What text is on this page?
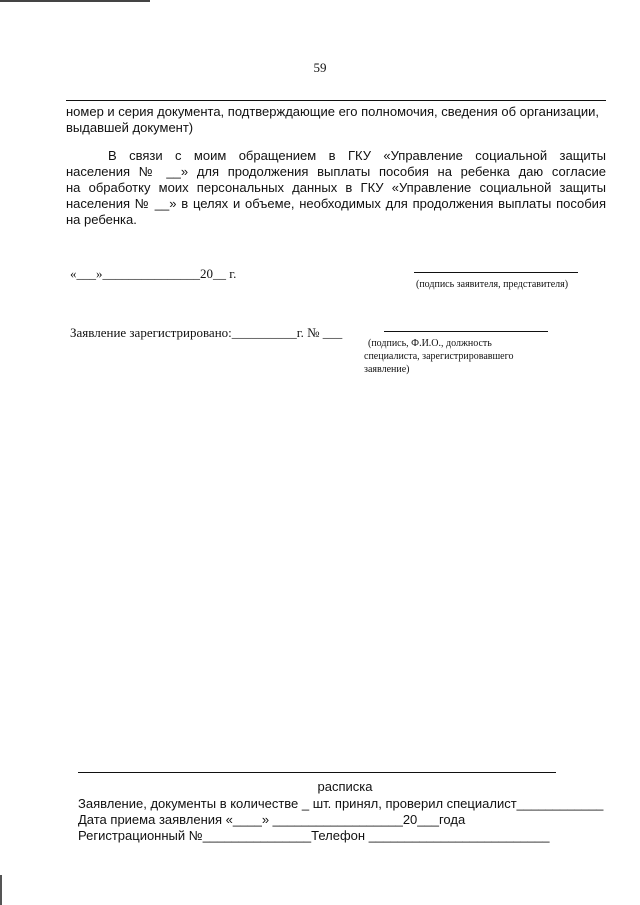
59
номер и серия документа, подтверждающие его полномочия, сведения об организации,
выдавшей документ)
В связи с моим обращением в ГКУ «Управление социальной защиты
населения № __» для продолжения выплаты пособия на ребенка даю согласие
на обработку моих персональных данных в ГКУ «Управление социальной защиты
населения № __» в целях и объеме, необходимых для продолжения выплаты пособия
на ребенка.
«___»_______________20__ г.
(подпись заявителя, представителя)
Заявление зарегистрировано:__________г. № ___
(подпись, Ф.И.О., должность
специалиста, зарегистрировавшего
заявление)
расписка
Заявление, документы в количестве _ шт. принял, проверил специалист____________
Дата приема заявления «____» __________________20___года
Регистрационный №_______________Телефон _________________________
